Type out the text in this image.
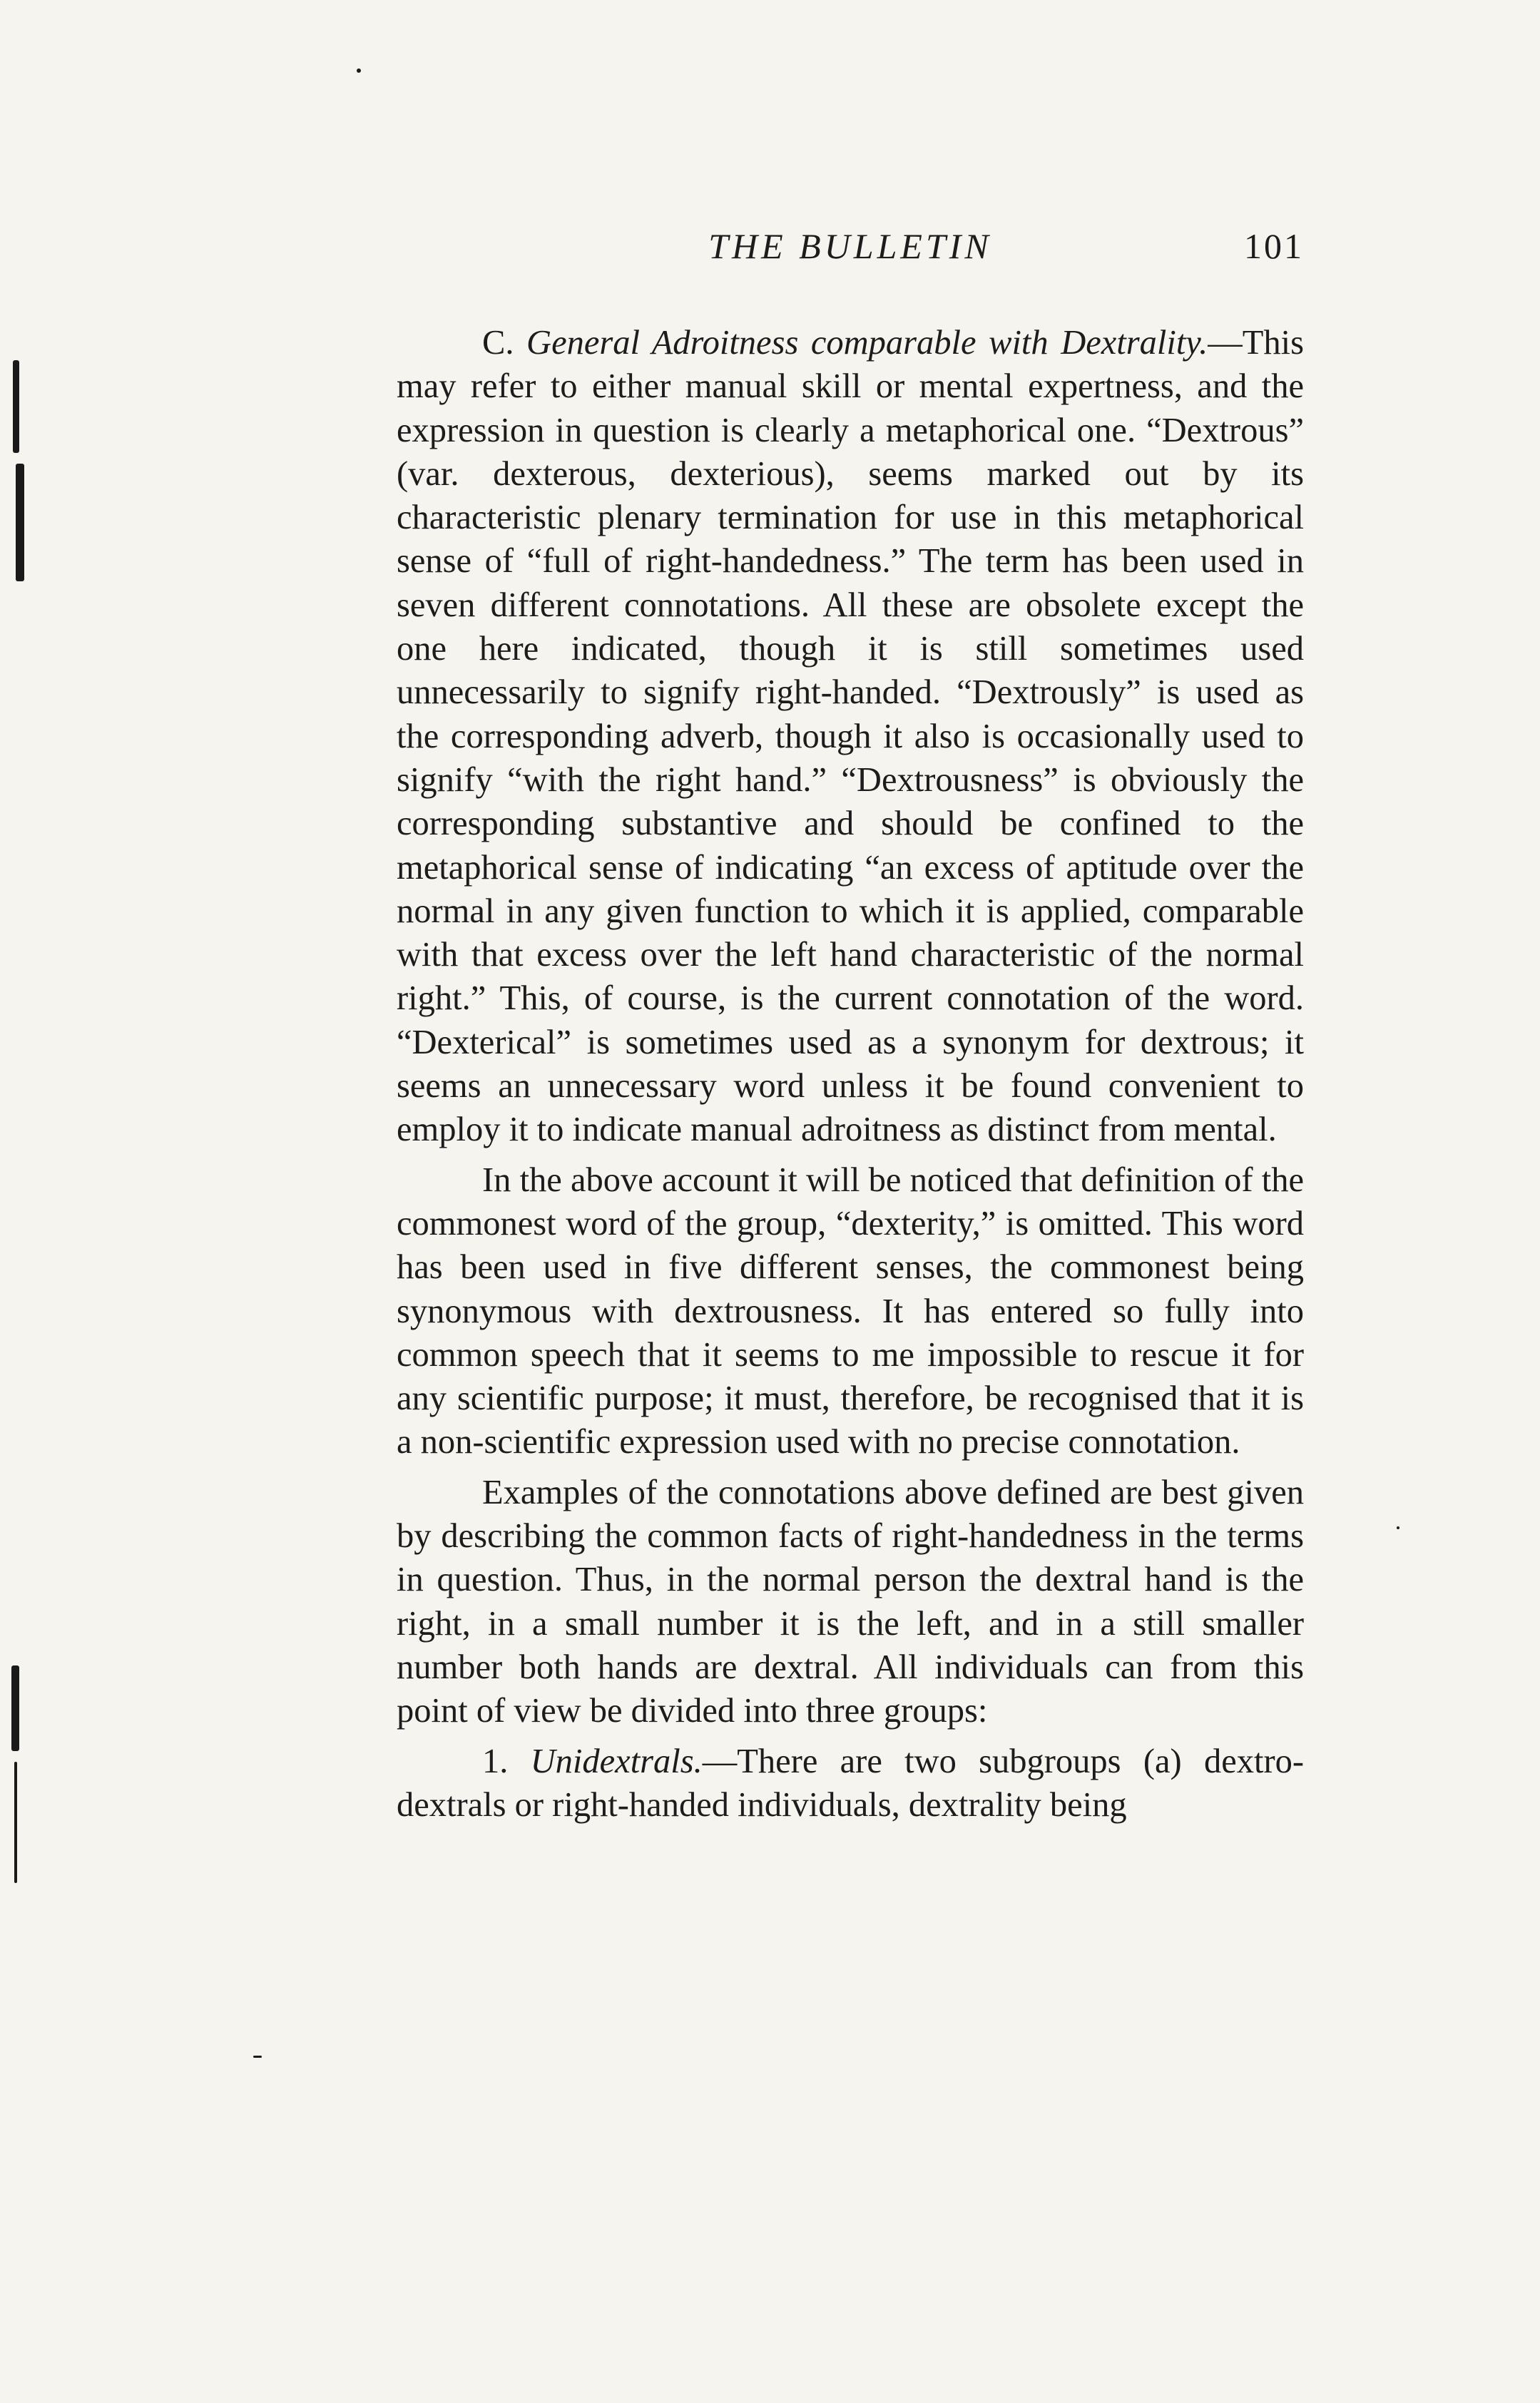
THE BULLETIN	101

C. General Adroitness comparable with Dextrality.—This may refer to either manual skill or mental expertness, and the expression in question is clearly a metaphorical one. “Dextrous” (var. dexterous, dexterious), seems marked out by its characteristic plenary termination for use in this metaphorical sense of “full of right-handedness.” The term has been used in seven different connotations. All these are obsolete except the one here indicated, though it is still sometimes used unnecessarily to signify right-handed. “Dextrously” is used as the corresponding adverb, though it also is occasionally used to signify “with the right hand.” “Dextrousness” is obviously the corresponding substantive and should be confined to the metaphorical sense of indicating “an excess of aptitude over the normal in any given function to which it is applied, comparable with that excess over the left hand characteristic of the normal right.” This, of course, is the current connotation of the word. “Dexterical” is sometimes used as a synonym for dextrous; it seems an unnecessary word unless it be found convenient to employ it to indicate manual adroitness as distinct from mental.

In the above account it will be noticed that definition of the commonest word of the group, “dexterity,” is omitted. This word has been used in five different senses, the commonest being synonymous with dextrousness. It has entered so fully into common speech that it seems to me impossible to rescue it for any scientific purpose; it must, therefore, be recognised that it is a non-scientific expression used with no precise connotation.

Examples of the connotations above defined are best given by describing the common facts of right-handedness in the terms in question. Thus, in the normal person the dextral hand is the right, in a small number it is the left, and in a still smaller number both hands are dextral. All individuals can from this point of view be divided into three groups:

1. Unidextrals.—There are two subgroups (a) dextro-dextrals or right-handed individuals, dextrality being
